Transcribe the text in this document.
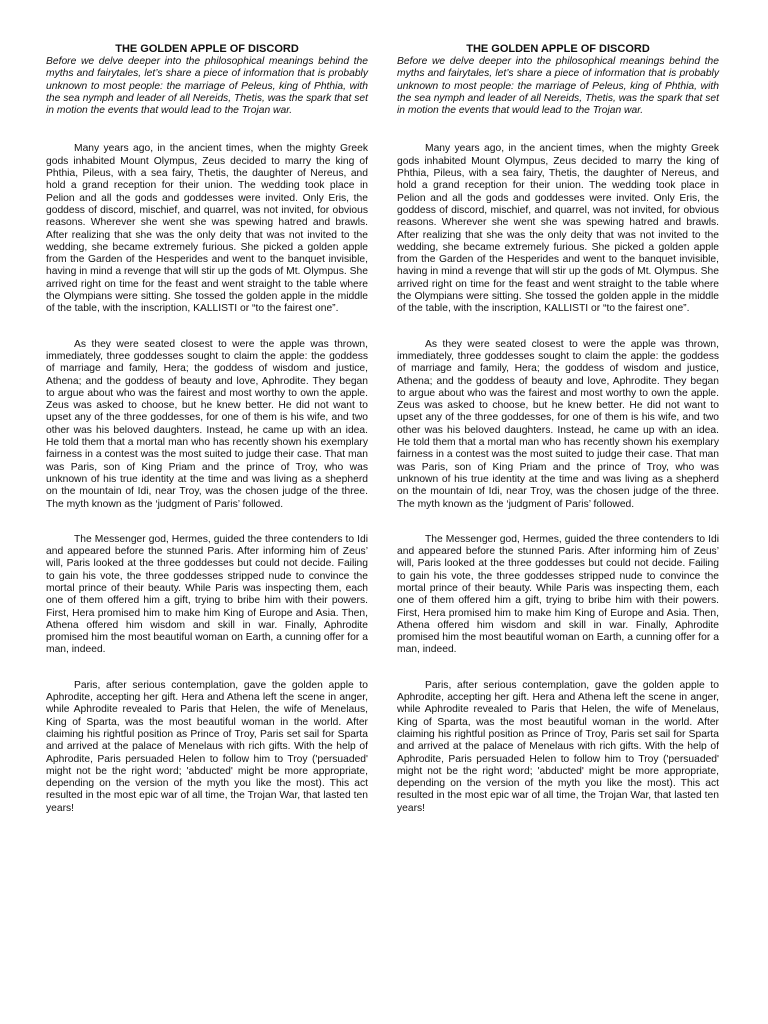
THE GOLDEN APPLE OF DISCORD

Before we delve deeper into the philosophical meanings behind the myths and fairytales, let’s share a piece of information that is probably unknown to most people: the marriage of Peleus, king of Phthia, with the sea nymph and leader of all Nereids, Thetis, was the spark that set in motion the events that would lead to the Trojan war.

Many years ago, in the ancient times, when the mighty Greek gods inhabited Mount Olympus, Zeus decided to marry the king of Phthia, Pileus, with a sea fairy, Thetis, the daughter of Nereus, and hold a grand reception for their union. The wedding took place in Pelion and all the gods and goddesses were invited. Only Eris, the goddess of discord, mischief, and quarrel, was not invited, for obvious reasons. Wherever she went she was spewing hatred and brawls. After realizing that she was the only deity that was not invited to the wedding, she became extremely furious. She picked a golden apple from the Garden of the Hesperides and went to the banquet invisible, having in mind a revenge that will stir up the gods of Mt. Olympus. She arrived right on time for the feast and went straight to the table where the Olympians were sitting. She tossed the golden apple in the middle of the table, with the inscription, KALLISTI or “to the fairest one”.

As they were seated closest to were the apple was thrown, immediately, three goddesses sought to claim the apple: the goddess of marriage and family, Hera; the goddess of wisdom and justice, Athena; and the goddess of beauty and love, Aphrodite. They began to argue about who was the fairest and most worthy to own the apple. Zeus was asked to choose, but he knew better. He did not want to upset any of the three goddesses, for one of them is his wife, and two other was his beloved daughters. Instead, he came up with an idea. He told them that a mortal man who has recently shown his exemplary fairness in a contest was the most suited to judge their case. That man was Paris, son of King Priam and the prince of Troy, who was unknown of his true identity at the time and was living as a shepherd on the mountain of Idi, near Troy, was the chosen judge of the three. The myth known as the ‘judgment of Paris’ followed.

The Messenger god, Hermes, guided the three contenders to Idi and appeared before the stunned Paris. After informing him of Zeus’ will, Paris looked at the three goddesses but could not decide. Failing to gain his vote, the three goddesses stripped nude to convince the mortal prince of their beauty. While Paris was inspecting them, each one of them offered him a gift, trying to bribe him with their powers. First, Hera promised him to make him King of Europe and Asia. Then, Athena offered him wisdom and skill in war. Finally, Aphrodite promised him the most beautiful woman on Earth, a cunning offer for a man, indeed.

Paris, after serious contemplation, gave the golden apple to Aphrodite, accepting her gift. Hera and Athena left the scene in anger, while Aphrodite revealed to Paris that Helen, the wife of Menelaus, King of Sparta, was the most beautiful woman in the world. After claiming his rightful position as Prince of Troy, Paris set sail for Sparta and arrived at the palace of Menelaus with rich gifts. With the help of Aphrodite, Paris persuaded Helen to follow him to Troy ('persuaded' might not be the right word; 'abducted' might be more appropriate, depending on the version of the myth you like the most). This act resulted in the most epic war of all time, the Trojan War, that lasted ten years!

THE GOLDEN APPLE OF DISCORD

Before we delve deeper into the philosophical meanings behind the myths and fairytales, let’s share a piece of information that is probably unknown to most people: the marriage of Peleus, king of Phthia, with the sea nymph and leader of all Nereids, Thetis, was the spark that set in motion the events that would lead to the Trojan war.

Many years ago, in the ancient times, when the mighty Greek gods inhabited Mount Olympus, Zeus decided to marry the king of Phthia, Pileus, with a sea fairy, Thetis, the daughter of Nereus, and hold a grand reception for their union. The wedding took place in Pelion and all the gods and goddesses were invited. Only Eris, the goddess of discord, mischief, and quarrel, was not invited, for obvious reasons. Wherever she went she was spewing hatred and brawls. After realizing that she was the only deity that was not invited to the wedding, she became extremely furious. She picked a golden apple from the Garden of the Hesperides and went to the banquet invisible, having in mind a revenge that will stir up the gods of Mt. Olympus. She arrived right on time for the feast and went straight to the table where the Olympians were sitting. She tossed the golden apple in the middle of the table, with the inscription, KALLISTI or “to the fairest one”.

As they were seated closest to were the apple was thrown, immediately, three goddesses sought to claim the apple: the goddess of marriage and family, Hera; the goddess of wisdom and justice, Athena; and the goddess of beauty and love, Aphrodite. They began to argue about who was the fairest and most worthy to own the apple. Zeus was asked to choose, but he knew better. He did not want to upset any of the three goddesses, for one of them is his wife, and two other was his beloved daughters. Instead, he came up with an idea. He told them that a mortal man who has recently shown his exemplary fairness in a contest was the most suited to judge their case. That man was Paris, son of King Priam and the prince of Troy, who was unknown of his true identity at the time and was living as a shepherd on the mountain of Idi, near Troy, was the chosen judge of the three. The myth known as the ‘judgment of Paris’ followed.

The Messenger god, Hermes, guided the three contenders to Idi and appeared before the stunned Paris. After informing him of Zeus’ will, Paris looked at the three goddesses but could not decide. Failing to gain his vote, the three goddesses stripped nude to convince the mortal prince of their beauty. While Paris was inspecting them, each one of them offered him a gift, trying to bribe him with their powers. First, Hera promised him to make him King of Europe and Asia. Then, Athena offered him wisdom and skill in war. Finally, Aphrodite promised him the most beautiful woman on Earth, a cunning offer for a man, indeed.

Paris, after serious contemplation, gave the golden apple to Aphrodite, accepting her gift. Hera and Athena left the scene in anger, while Aphrodite revealed to Paris that Helen, the wife of Menelaus, King of Sparta, was the most beautiful woman in the world. After claiming his rightful position as Prince of Troy, Paris set sail for Sparta and arrived at the palace of Menelaus with rich gifts. With the help of Aphrodite, Paris persuaded Helen to follow him to Troy ('persuaded' might not be the right word; 'abducted' might be more appropriate, depending on the version of the myth you like the most). This act resulted in the most epic war of all time, the Trojan War, that lasted ten years!
